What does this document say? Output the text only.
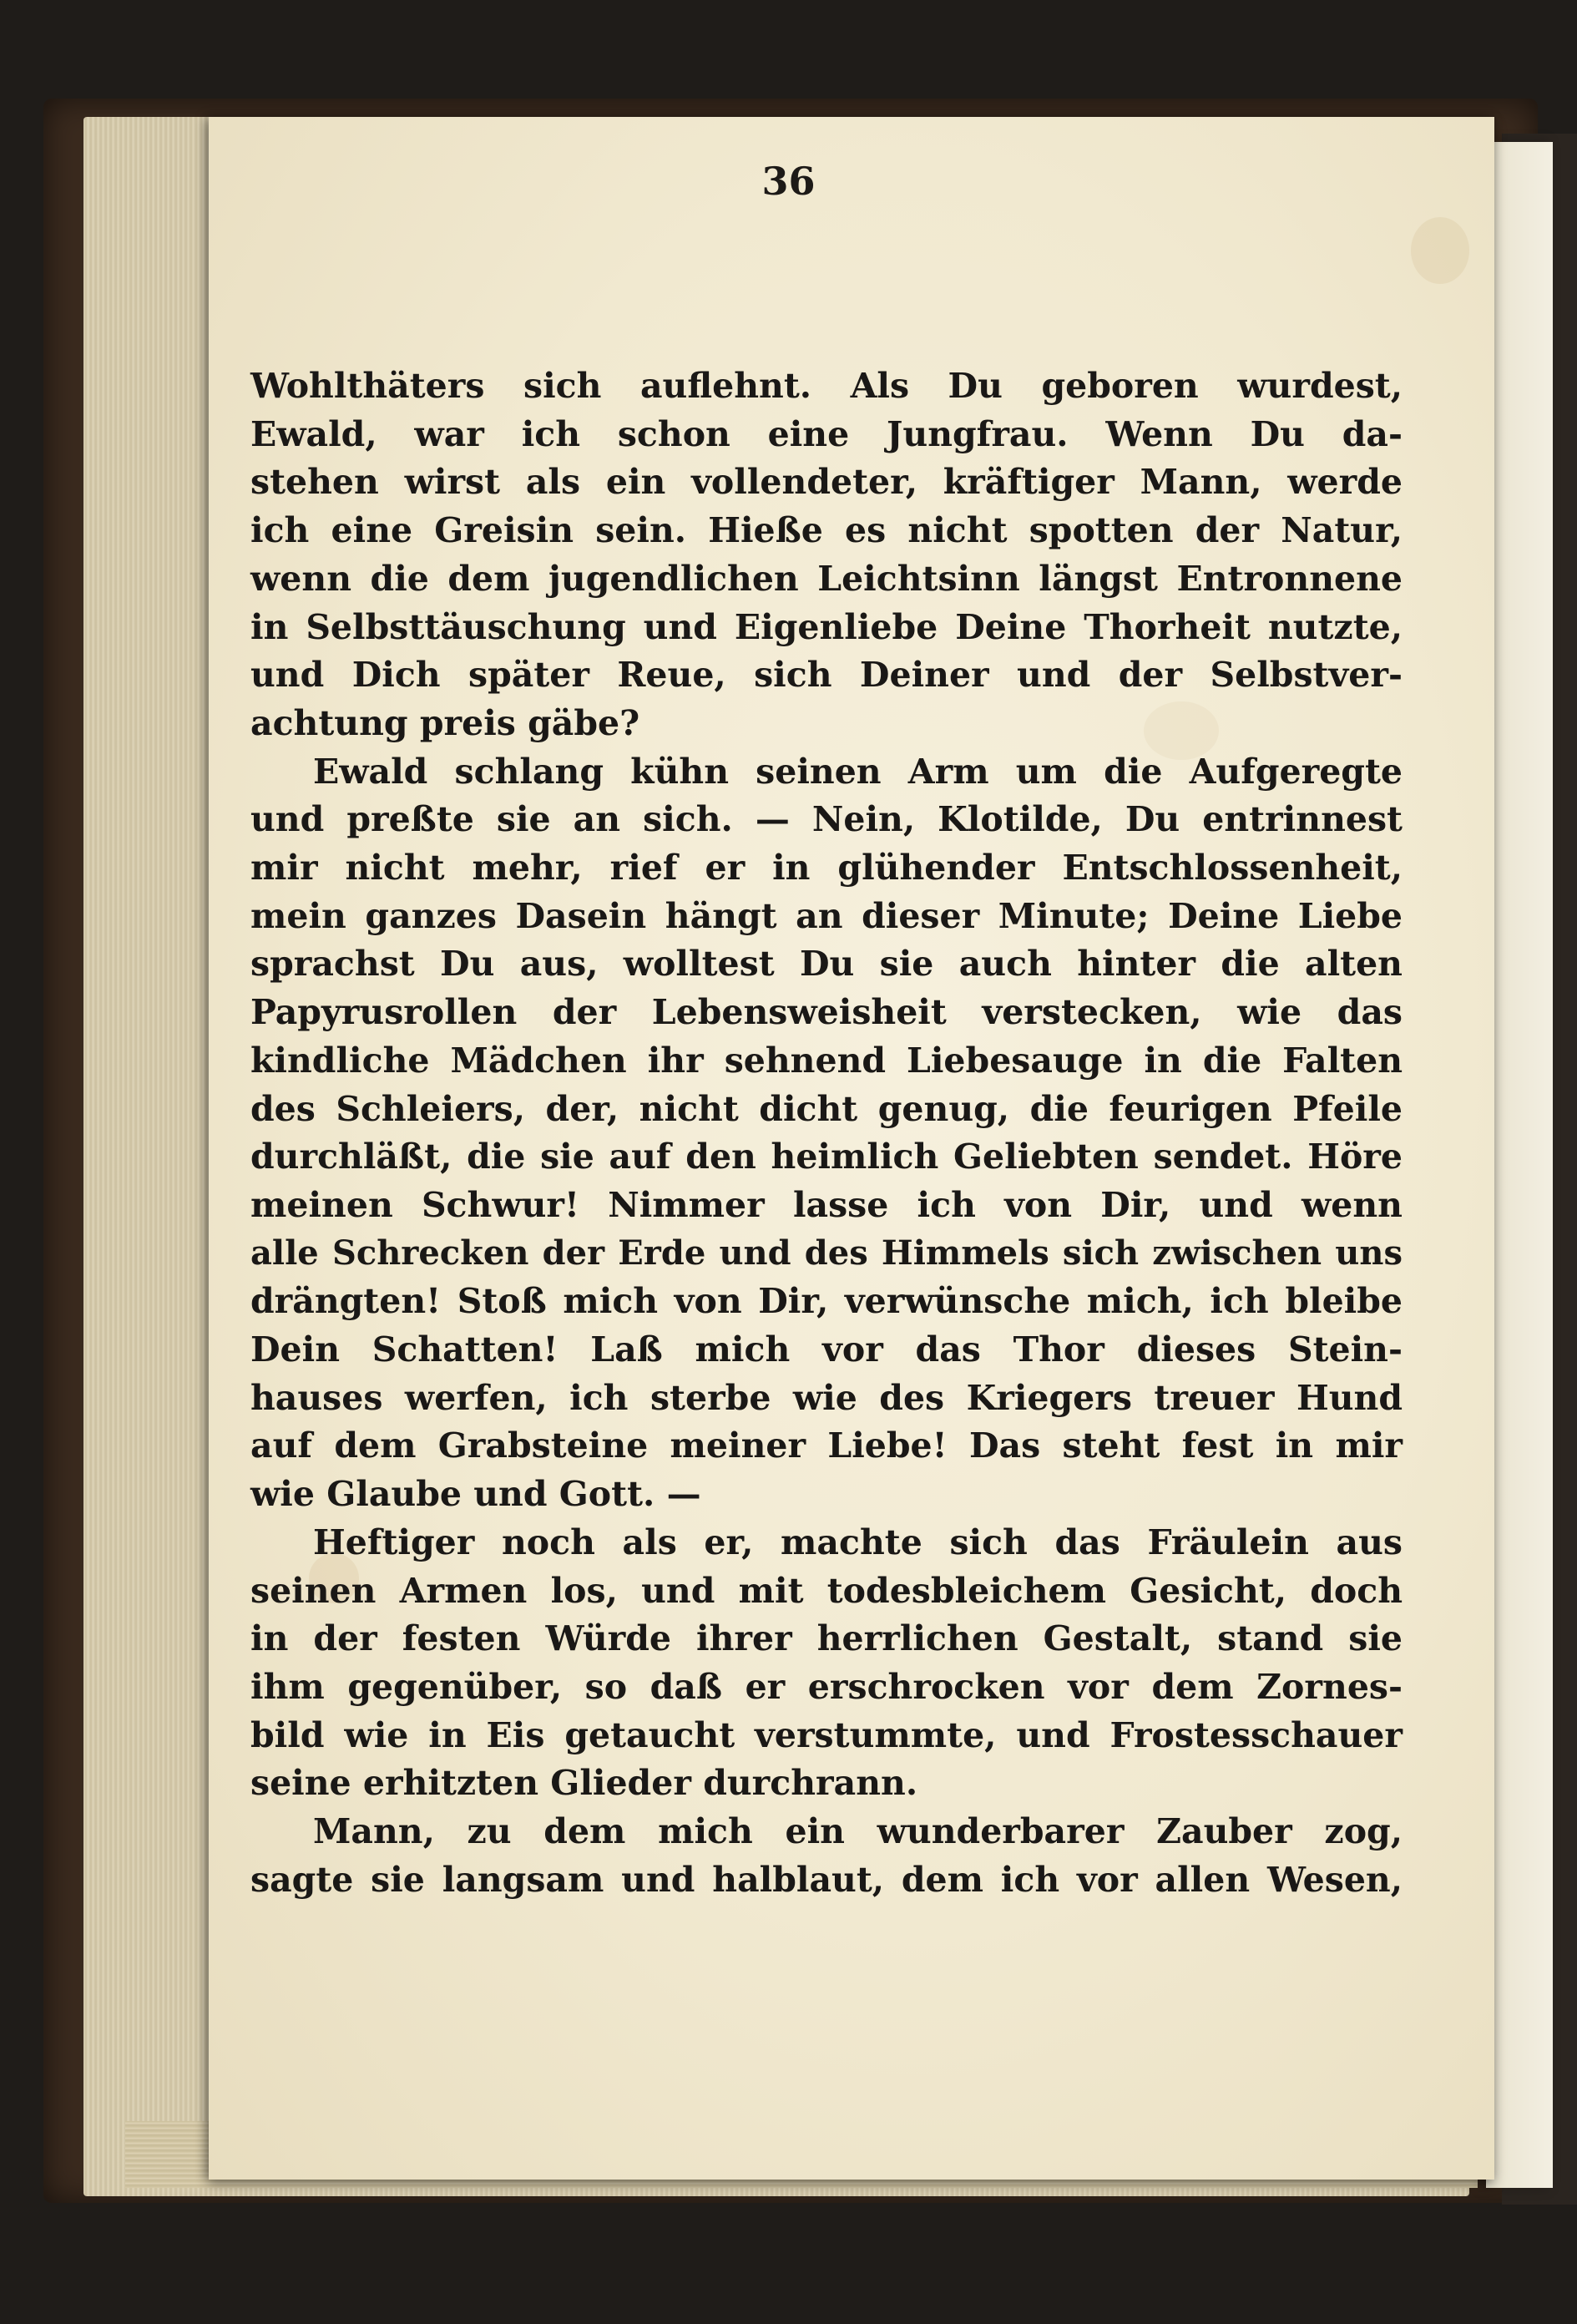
36
Wohlthäters sich auflehnt. Als Du geboren wurdest,
Ewald, war ich schon eine Jungfrau. Wenn Du da-
stehen wirst als ein vollendeter, kräftiger Mann, werde
ich eine Greisin sein. Hieße es nicht spotten der Natur,
wenn die dem jugendlichen Leichtsinn längst Entronnene
in Selbsttäuschung und Eigenliebe Deine Thorheit nutzte,
und Dich später Reue, sich Deiner und der Selbstver-
achtung preis gäbe?
Ewald schlang kühn seinen Arm um die Aufgeregte
und preßte sie an sich. — Nein, Klotilde, Du entrinnest
mir nicht mehr, rief er in glühender Entschlossenheit,
mein ganzes Dasein hängt an dieser Minute; Deine Liebe
sprachst Du aus, wolltest Du sie auch hinter die alten
Papyrusrollen der Lebensweisheit verstecken, wie das
kindliche Mädchen ihr sehnend Liebesauge in die Falten
des Schleiers, der, nicht dicht genug, die feurigen Pfeile
durchläßt, die sie auf den heimlich Geliebten sendet. Höre
meinen Schwur! Nimmer lasse ich von Dir, und wenn
alle Schrecken der Erde und des Himmels sich zwischen uns
drängten! Stoß mich von Dir, verwünsche mich, ich bleibe
Dein Schatten! Laß mich vor das Thor dieses Stein-
hauses werfen, ich sterbe wie des Kriegers treuer Hund
auf dem Grabsteine meiner Liebe! Das steht fest in mir
wie Glaube und Gott. —
Heftiger noch als er, machte sich das Fräulein aus
seinen Armen los, und mit todesbleichem Gesicht, doch
in der festen Würde ihrer herrlichen Gestalt, stand sie
ihm gegenüber, so daß er erschrocken vor dem Zornes-
bild wie in Eis getaucht verstummte, und Frostesschauer
seine erhitzten Glieder durchrann.
Mann, zu dem mich ein wunderbarer Zauber zog,
sagte sie langsam und halblaut, dem ich vor allen Wesen,
